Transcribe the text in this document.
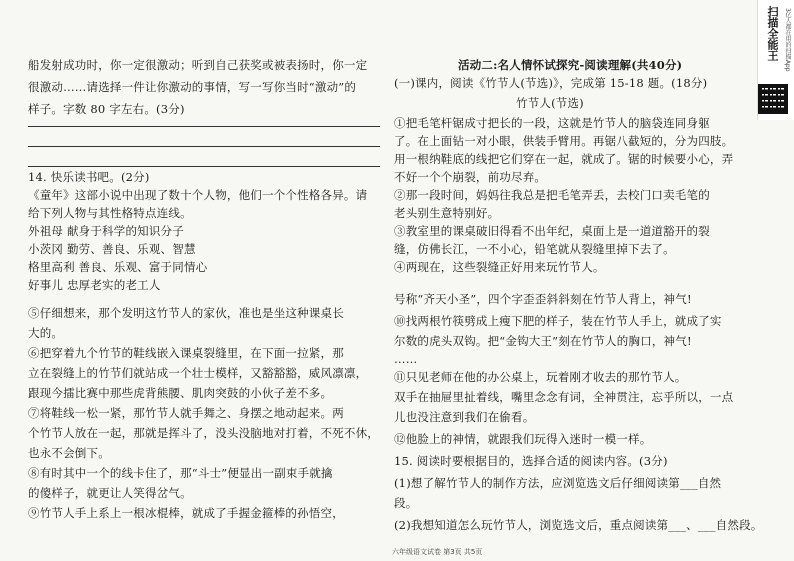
船发射成功时，你一定很激动；听到自己获奖或被表扬时，你一定
很激动……请选择一件让你激动的事情，写一写你当时“激动”的
样子。字数 80 字左右。(3分)
14. 快乐读书吧。(2分)
《童年》这部小说中出现了数十个人物，他们一个个性格各异。请
给下列人物与其性格特点连线。
外祖母 献身于科学的知识分子
小茨冈 勤劳、善良、乐观、智慧
格里高利 善良、乐观、富于同情心
好事儿 忠厚老实的老工人
⑤仔细想来，那个发明这竹节人的家伙，准也是坐这种课桌长
大的。
⑥把穿着九个竹节的鞋线嵌入课桌裂缝里，在下面一拉紧，那
立在裂缝上的竹节们就站成一个壮士模样，又豁豁豁，威风凛凛，
跟现今擂比赛中那些虎背熊腰、肌肉突鼓的小伙子差不多。
⑦将鞋线一松一紧，那竹节人就手舞之、身摆之地动起来。两
个竹节人放在一起，那就是挥斗了，没头没脑地对打着，不死不休，
也永不会倒下。
⑧有时其中一个的线卡住了，那“斗士”便显出一副束手就擒
的傻样子，就更让人笑得岔气。
⑨竹节人手上系上一根冰棍棒，就成了手握金箍棒的孙悟空，
活动二:名人情怀试探究-阅读理解(共40分)
(一)课内，阅读《竹节人(节选)》，完成第 15-18 题。(18分)
竹节人(节选)
①把毛笔杆锯成寸把长的一段，这就是竹节人的脑袋连同身躯
了。在上面钻一对小眼，供装手臂用。再锯八截短的，分为四肢。
用一根纳鞋底的线把它们穿在一起，就成了。锯的时候要小心，弄
不好一个个崩裂，前功尽弃。
②那一段时间，妈妈往我总是把毛笔弄丢，去校门口卖毛笔的
老头别生意特别好。
③教室里的课桌破旧得看不出年纪，桌面上是一道道豁开的裂
缝，仿佛长江，一不小心，铅笔就从裂缝里掉下去了。
④两现在，这些裂缝正好用来玩竹节人。
号称“齐天小圣”，四个字歪歪斜斜刻在竹节人背上，神气!
⑩找两根竹筷劈成上瘦下肥的样子，装在竹节人手上，就成了实
尔数的虎头双钩。把“金钩大王”刻在竹节人的胸口，神气!
……
⑪只见老师在他的办公桌上，玩着刚才收去的那竹节人。
双手在抽屉里扯着线，嘴里念念有词，全神贯注，忘乎所以，一点
儿也没注意到我们在偷看。
⑫他脸上的神情，就跟我们玩得入迷时一模一样。
15. 阅读时要根据目的，选择合适的阅读内容。(3分)
(1)想了解竹节人的制作方法，应浏览选文后仔细阅读第___自然
段。
(2)我想知道怎么玩竹节人，浏览选文后，重点阅读第___、___自然段。
六年级语文试卷 第3页 共5页
扫描全能王 3亿人都在用的扫描App
